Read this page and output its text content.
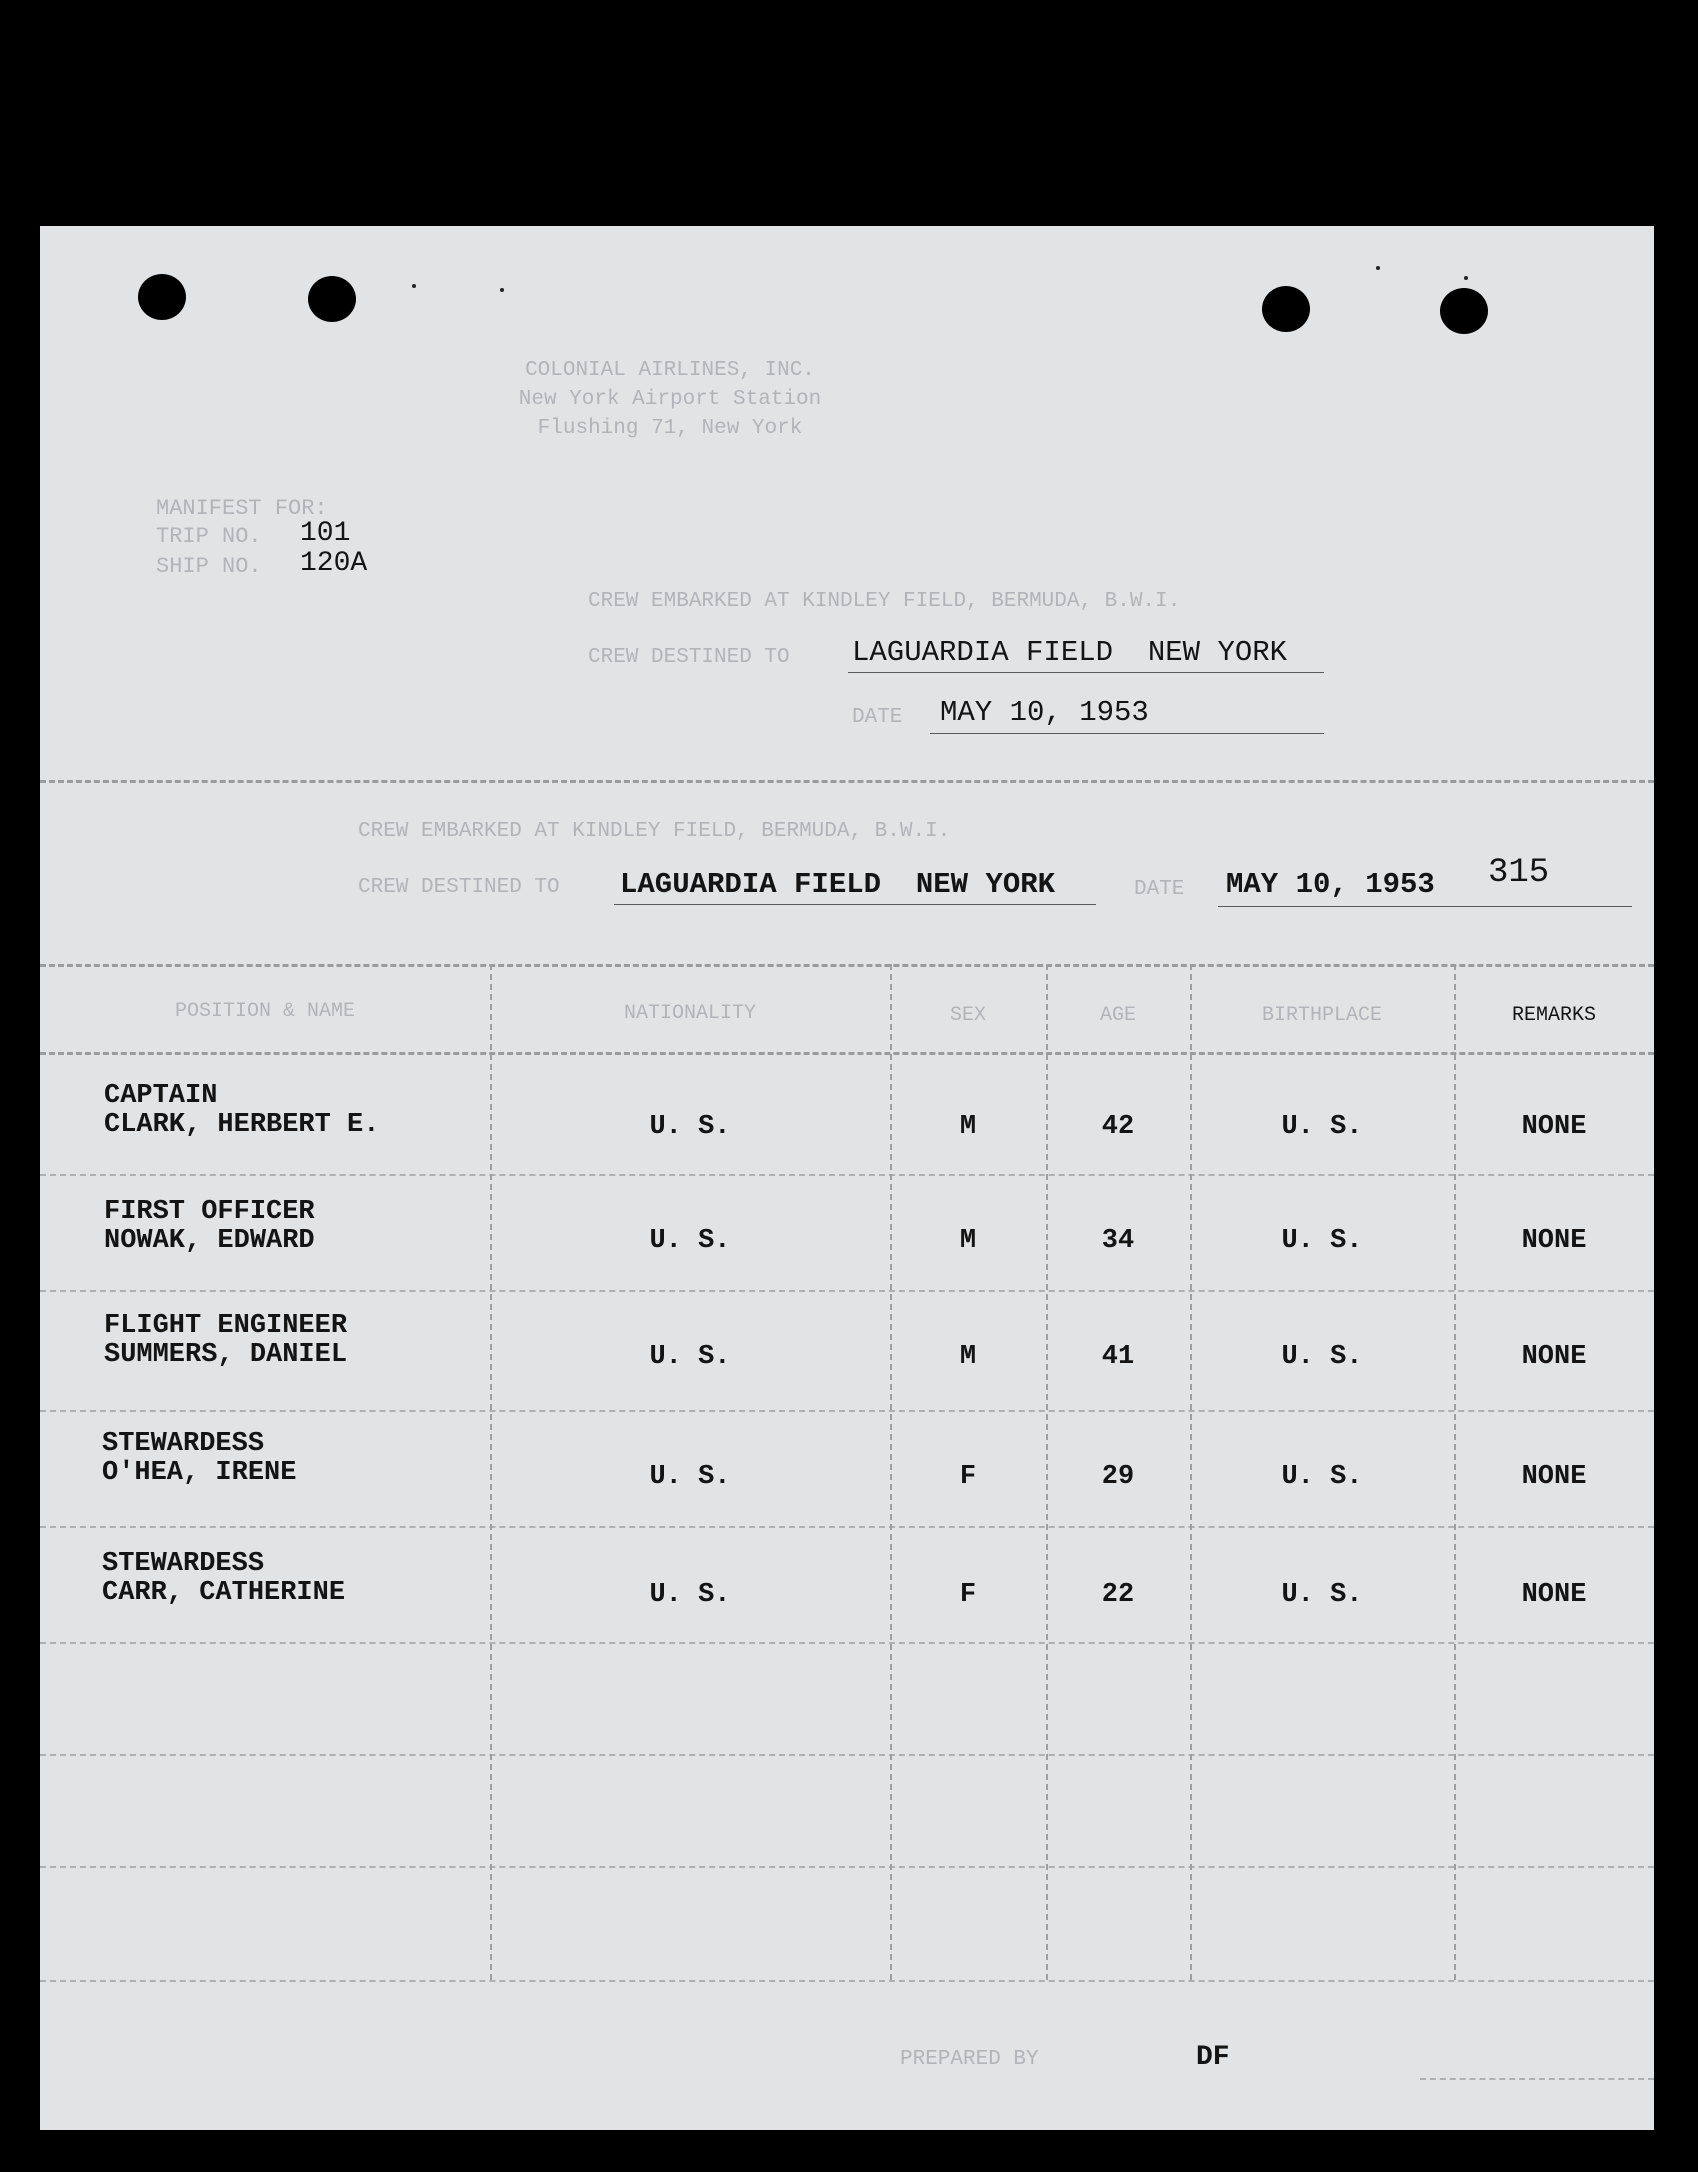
COLONIAL AIRLINES, INC.
New York Airport Station
Flushing 71, New York
MANIFEST FOR:
TRIP NO. 101
SHIP NO. 120A
CREW EMBARKED AT KINDLEY FIELD, BERMUDA, B.W.I.
CREW DESTINED TO LAGUARDIA FIELD  NEW YORK
DATE MAY 10, 1953
CREW EMBARKED AT KINDLEY FIELD, BERMUDA, B.W.I.
CREW DESTINED TO LAGUARDIA FIELD  NEW YORK	DATE MAY 10, 1953 315
POSITION & NAME	NATIONALITY	SEX	AGE	BIRTHPLACE	REMARKS
CAPTAIN
CLARK, HERBERT E.	U. S.	M	42	U. S.	NONE
FIRST OFFICER
NOWAK, EDWARD	U. S.	M	34	U. S.	NONE
FLIGHT ENGINEER
SUMMERS, DANIEL	U. S.	M	41	U. S.	NONE
STEWARDESS
O'HEA, IRENE	U. S.	F	29	U. S.	NONE
STEWARDESS
CARR, CATHERINE	U. S.	F	22	U. S.	NONE
PREPARED BY	DF
